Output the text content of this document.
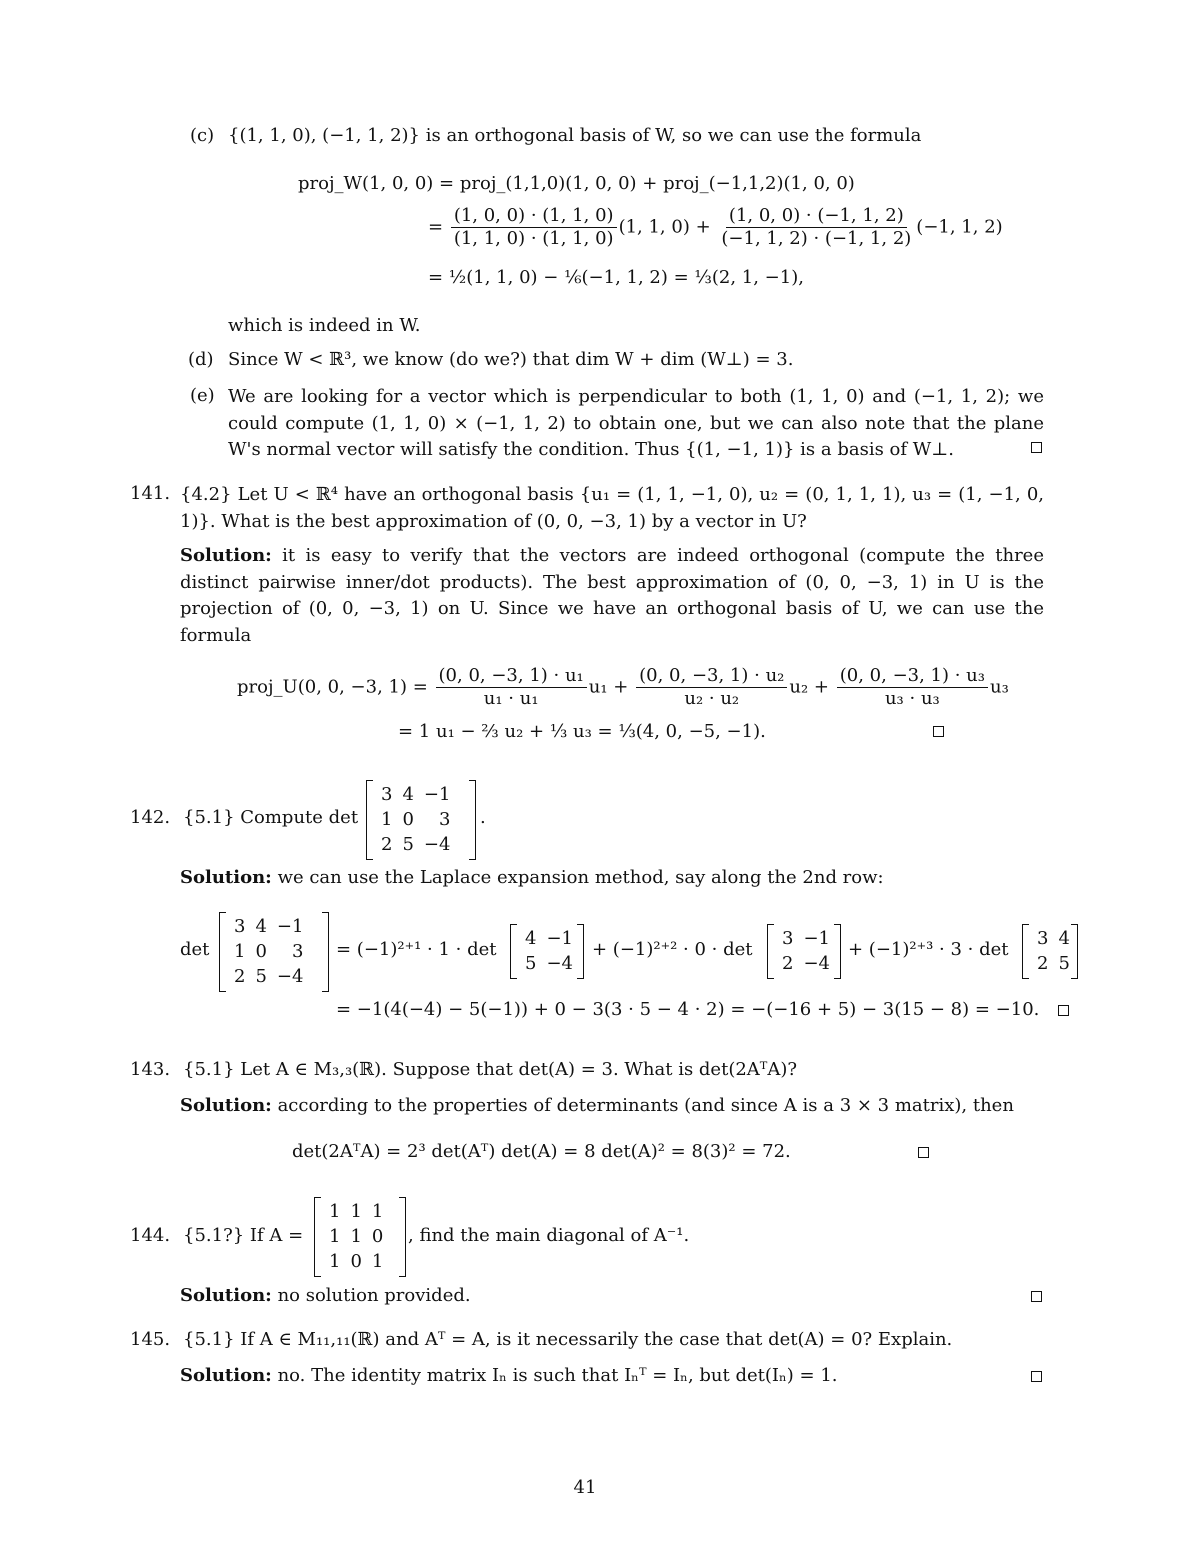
(c) {(1, 1, 0), (−1, 1, 2)} is an orthogonal basis of W, so we can use the formula
proj_W(1, 0, 0) = proj_(1,1,0)(1, 0, 0) + proj_(−1,1,2)(1, 0, 0)
= $\frac{(1, 0, 0) \cdot (1, 1, 0)}{(1, 1, 0) \cdot (1, 1, 0)} (1$, 1, $0) + \frac{(1, 0, 0) \cdot (-1, 1, 2)}{(-1, 1, 2) \cdot (-1, 1, 2)} (-1$, 1, 2)
= ½(1, 1, 0) − ⅙(−1, 1, 2) = ⅓(2, 1, −1),
which is indeed in W.
(d) Since W < ℝ³, we know (do we?) that dim W + dim (W⊥) = 3.
(e) We are looking for a vector which is perpendicular to both (1, 1, 0) and (−1, 1, 2); we could compute (1, 1, 0) × (−1, 1, 2) to obtain one, but we can also note that the plane W's normal vector will satisfy the condition. Thus {(1, −1, 1)} is a basis of W⊥.
141. {4.2} Let U < ℝ⁴ have an orthogonal basis {u₁ = (1, 1, −1, 0), u₂ = (0, 1, 1, 1), u₃ = (1, −1, 0, 1)}. What is the best approximation of (0, 0, −3, 1) by a vector in U?
Solution: it is easy to verify that the vectors are indeed orthogonal (compute the three distinct pairwise inner/dot products). The best approximation of (0, 0, −3, 1) in U is the projection of (0, 0, −3, 1) on U. Since we have an orthogonal basis of U, we can use the formula
proj_U(0, 0, −3, $1) = \frac{\text{(0, 0, −3, 1) · u₁}}{\text{u₁ · u₁}} u_1 + \frac{\text{(0, 0, −3, 1) · u₂}}{\text{u₂ · u₂}} u_2 + \frac{\text{(0, 0, −3, 1) · u₃}}{\text{u₃ · u₃}} u_3$
= 1 u₁ − ⅔ u₂ + ⅓ u₃ = ⅓(4, 0, −5, −1).
142. {5.1} Compute det
3	4	−1
1	0	3
2	5	−4
.
Solution: we can use the Laplace expansion method, say along the 2nd row:
det
3	4	−1
1	0	3
2	5	−4
= (−1)²⁺¹ · 1 · det
4	−1
5	−4
+ (−1)²⁺² · 0 · det
3	−1
2	−4
+ (−1)²⁺³ · 3 · det
3	4
2	5
= −1(4(−4) − 5(−1)) + 0 − 3(3 · 5 − 4 · 2) = −(−16 + 5) − 3(15 − 8) = −10.
143. {5.1} Let A ∈ M₃,₃(ℝ). Suppose that det(A) = 3. What is det(2AᵀA)?
Solution: according to the properties of determinants (and since A is a 3 × 3 matrix), then
det(2AᵀA) = 2³ det(Aᵀ) det(A) = 8 det(A)² = 8(3)² = 72.
144. {5.1?} If A =
1	1	1
1	1	0
1	0	1
, find the main diagonal of A⁻¹.
Solution: no solution provided.
145. {5.1} If A ∈ M₁₁,₁₁(ℝ) and Aᵀ = A, is it necessarily the case that det(A) = 0? Explain.
Solution: no. The identity matrix Iₙ is such that Iₙᵀ = Iₙ, but det(Iₙ) = 1.
41
